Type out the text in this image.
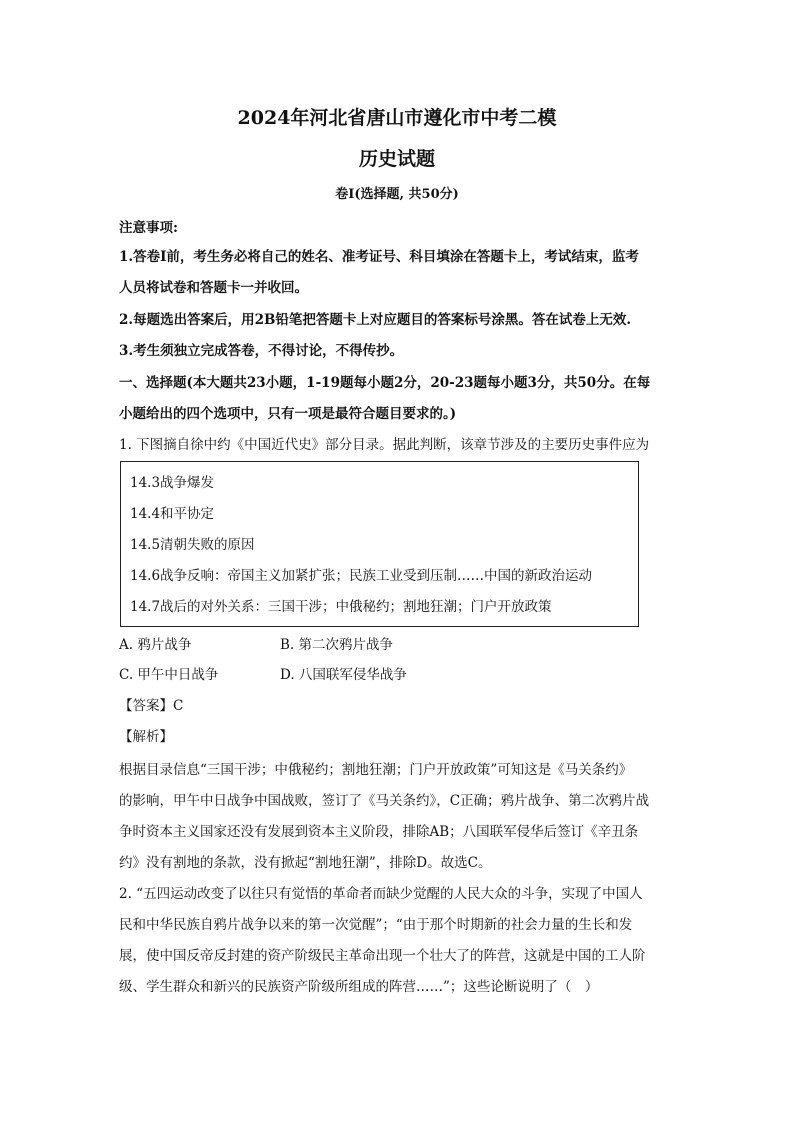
2024年河北省唐山市遵化市中考二模
历史试题
卷Ⅰ(选择题, 共50分)
注意事项:
1.答卷Ⅰ前，考生务必将自己的姓名、准考证号、科目填涂在答题卡上，考试结束，监考
人员将试卷和答题卡一并收回。
2.每题选出答案后，用2B铅笔把答题卡上对应题目的答案标号涂黑。答在试卷上无效.
3.考生须独立完成答卷，不得讨论，不得传抄。
一、选择题(本大题共23小题，1-19题每小题2分，20-23题每小题3分，共50分。在每
小题给出的四个选项中，只有一项是最符合题目要求的。)
1. 下图摘自徐中约《中国近代史》部分目录。据此判断，该章节涉及的主要历史事件应为
14.3战争爆发
14.4和平协定
14.5清朝失败的原因
14.6战争反响：帝国主义加紧扩张；民族工业受到压制……中国的新政治运动
14.7战后的对外关系：三国干涉；中俄秘约；割地狂潮；门户开放政策
A. 鸦片战争	B. 第二次鸦片战争
C. 甲午中日战争	D. 八国联军侵华战争
【答案】C
【解析】
根据目录信息“三国干涉；中俄秘约；割地狂潮；门户开放政策”可知这是《马关条约》
的影响，甲午中日战争中国战败，签订了《马关条约》，C正确；鸦片战争、第二次鸦片战
争时资本主义国家还没有发展到资本主义阶段，排除AB；八国联军侵华后签订《辛丑条
约》没有割地的条款，没有掀起“割地狂潮”，排除D。故选C。
2. “五四运动改变了以往只有觉悟的革命者而缺少觉醒的人民大众的斗争，实现了中国人
民和中华民族自鸦片战争以来的第一次觉醒”；“由于那个时期新的社会力量的生长和发
展，使中国反帝反封建的资产阶级民主革命出现一个壮大了的阵营，这就是中国的工人阶
级、学生群众和新兴的民族资产阶级所组成的阵营……”；这些论断说明了（　）
